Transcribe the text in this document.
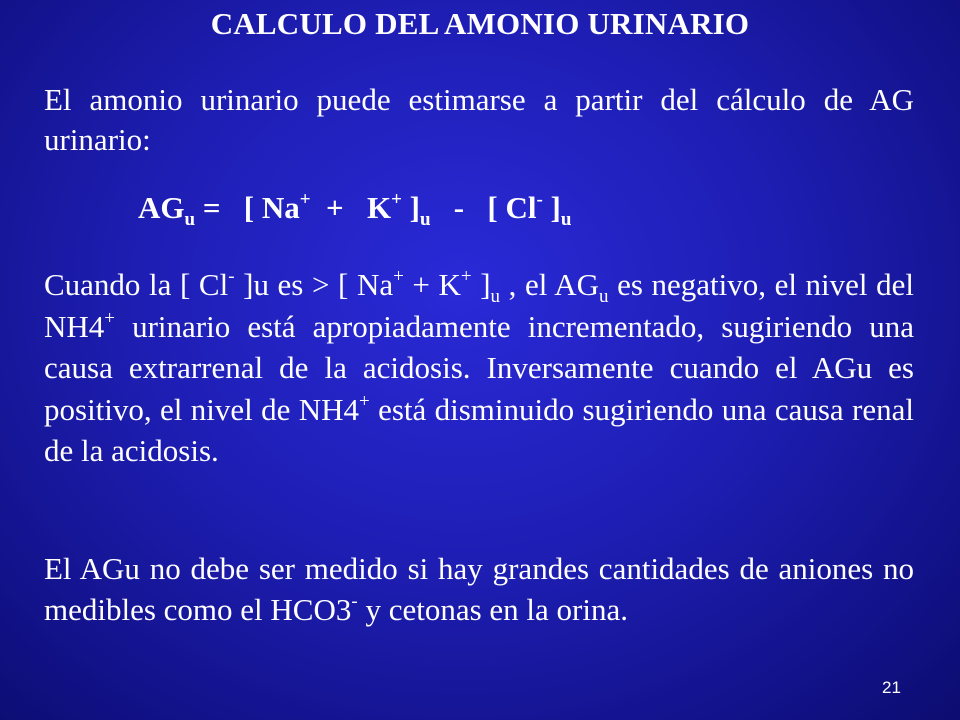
CALCULO DEL AMONIO URINARIO

El amonio urinario puede estimarse a partir del cálculo de AG urinario:

$AG_u$ =   [ Na+  +   K+ ]$_u$   -   [ Cl- ]$_u$

Cuando la [ Cl- ]u es > [ Na+ + K+ ]$_u$ , el $AG_u$ es negativo, el nivel del NH4+ urinario está apropiadamente incrementado, sugiriendo una causa extrarrenal de la acidosis. Inversamente cuando el AGu es positivo, el nivel de NH4+ está disminuido sugiriendo una causa renal de la acidosis.

El AGu no debe ser medido si hay grandes cantidades de aniones no medibles como el HCO3- y cetonas en la orina.

21
